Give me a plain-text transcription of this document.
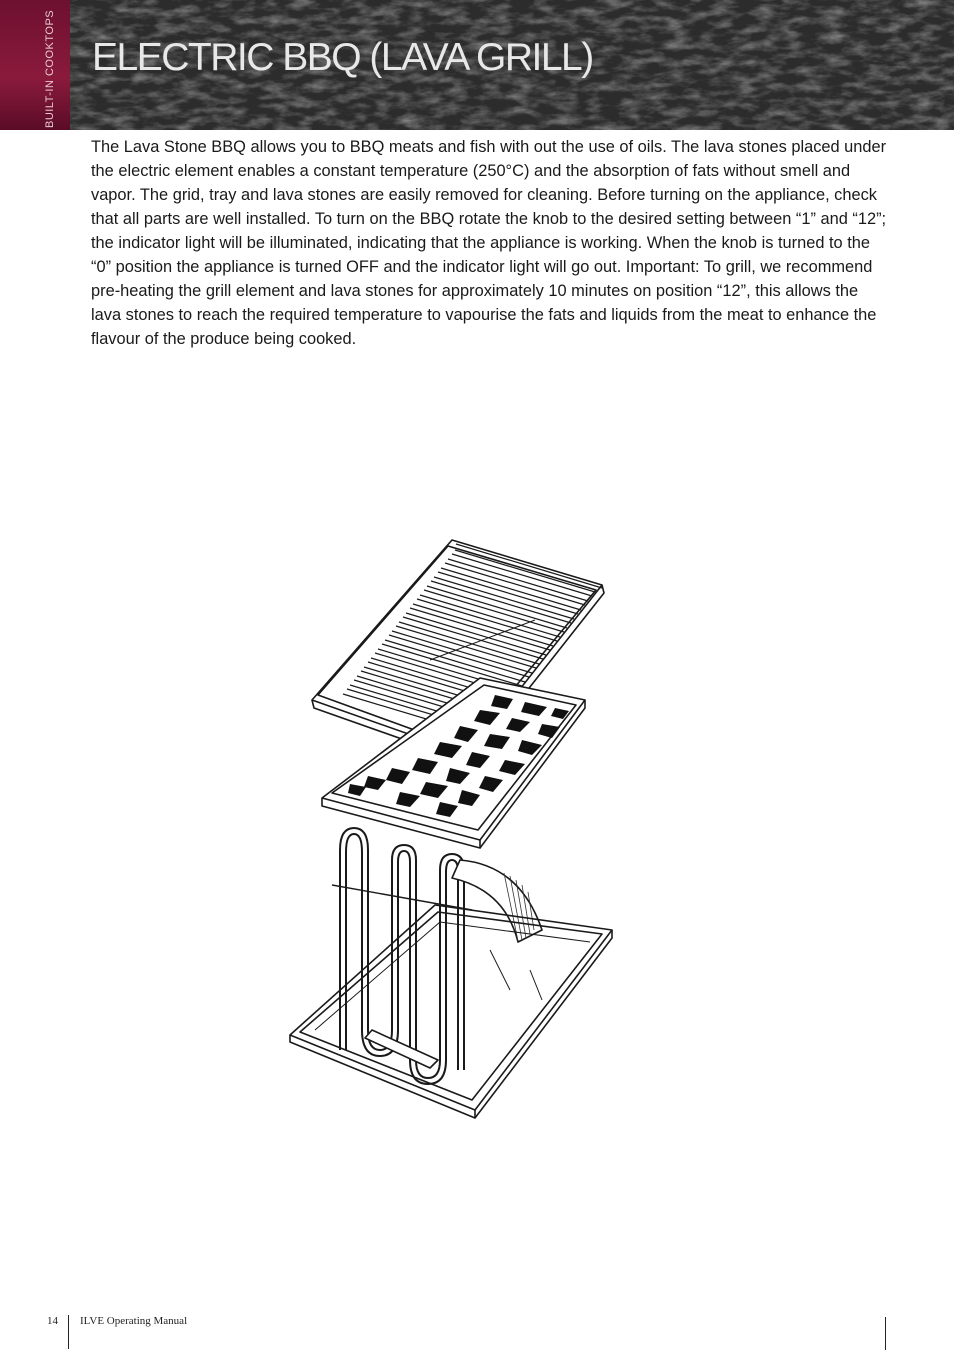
BUILT-IN COOKTOPS ELECTRIC BBQ (LAVA GRILL)

The Lava Stone BBQ allows you to BBQ meats and fish with out the use of oils. The lava stones placed under the electric element enables a constant temperature (250°C) and the absorption of fats without smell and vapor. The grid, tray and lava stones are easily removed for cleaning. Before turning on the appliance, check that all parts are well installed. To turn on the BBQ rotate the knob to the desired setting between “1” and “12”; the indicator light will be illuminated, indicating that the appliance is working. When the knob is turned to the “0” position the appliance is turned OFF and the indicator light will go out. Important: To grill, we recommend pre-heating the grill element and lava stones for approximately 10 minutes on position “12”, this allows the lava stones to reach the required temperature to vapourise the fats and liquids from the meat to enhance the flavour of the produce being cooked.

14 ILVE Operating Manual
